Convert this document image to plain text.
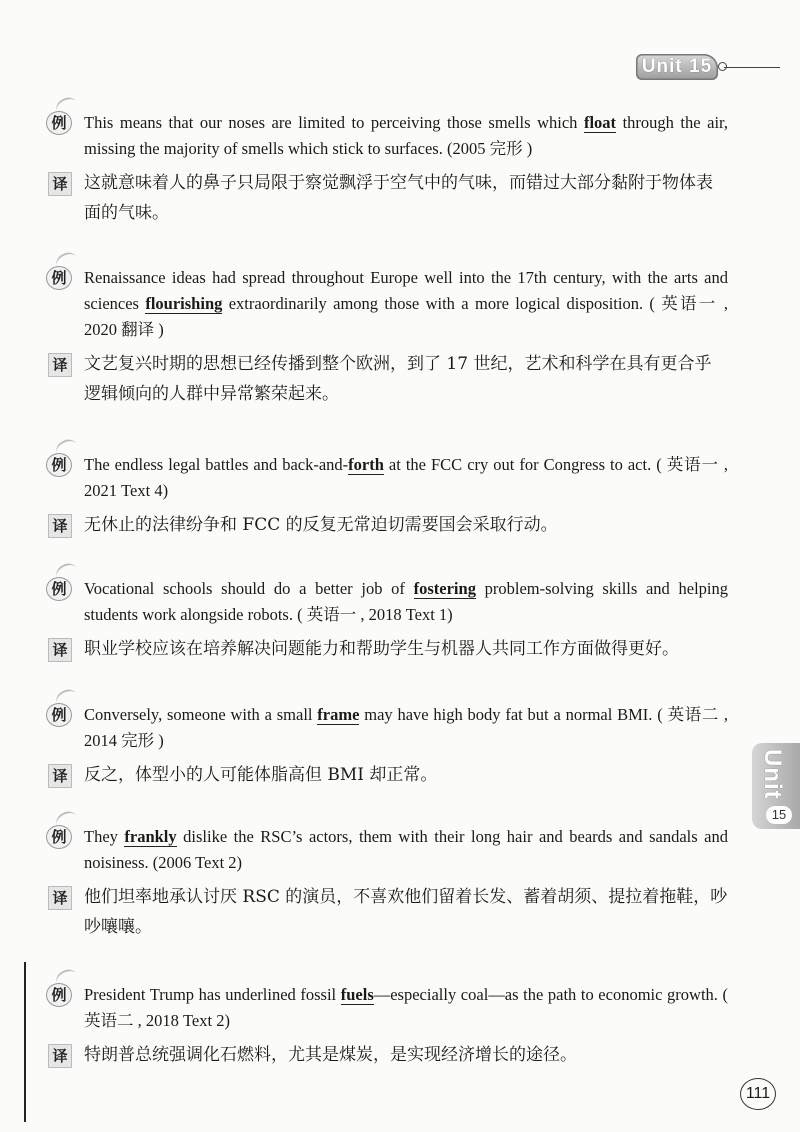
Unit 15
Unit
15
例	This means that our noses are limited to perceiving those smells which float through the air, missing the majority of smells which stick to surfaces. (2005 完形 )
译 这就意味着人的鼻子只局限于察觉飘浮于空气中的气味，而错过大部分黏附于物体表面的气味。
例	Renaissance ideas had spread throughout Europe well into the 17th century, with the arts and sciences flourishing extraordinarily among those with a more logical disposition. ( 英语一 , 2020 翻译 )
译 文艺复兴时期的思想已经传播到整个欧洲，到了 17 世纪，艺术和科学在具有更合乎逻辑倾向的人群中异常繁荣起来。
例	The endless legal battles and back-and-forth at the FCC cry out for Congress to act. ( 英语一 , 2021 Text 4)
译 无休止的法律纷争和 FCC 的反复无常迫切需要国会采取行动。
例	Vocational schools should do a better job of fostering problem-solving skills and helping students work alongside robots. ( 英语一 , 2018 Text 1)
译 职业学校应该在培养解决问题能力和帮助学生与机器人共同工作方面做得更好。
例	Conversely, someone with a small frame may have high body fat but a normal BMI. ( 英语二 , 2014 完形 )
译 反之，体型小的人可能体脂高但 BMI 却正常。
例	They frankly dislike the RSC’s actors, them with their long hair and beards and sandals and noisiness. (2006 Text 2)
译 他们坦率地承认讨厌 RSC 的演员，不喜欢他们留着长发、蓄着胡须、提拉着拖鞋，吵吵嚷嚷。
例	President Trump has underlined fossil fuels—especially coal—as the path to economic growth. ( 英语二 , 2018 Text 2)
译 特朗普总统强调化石燃料，尤其是煤炭，是实现经济增长的途径。
111
